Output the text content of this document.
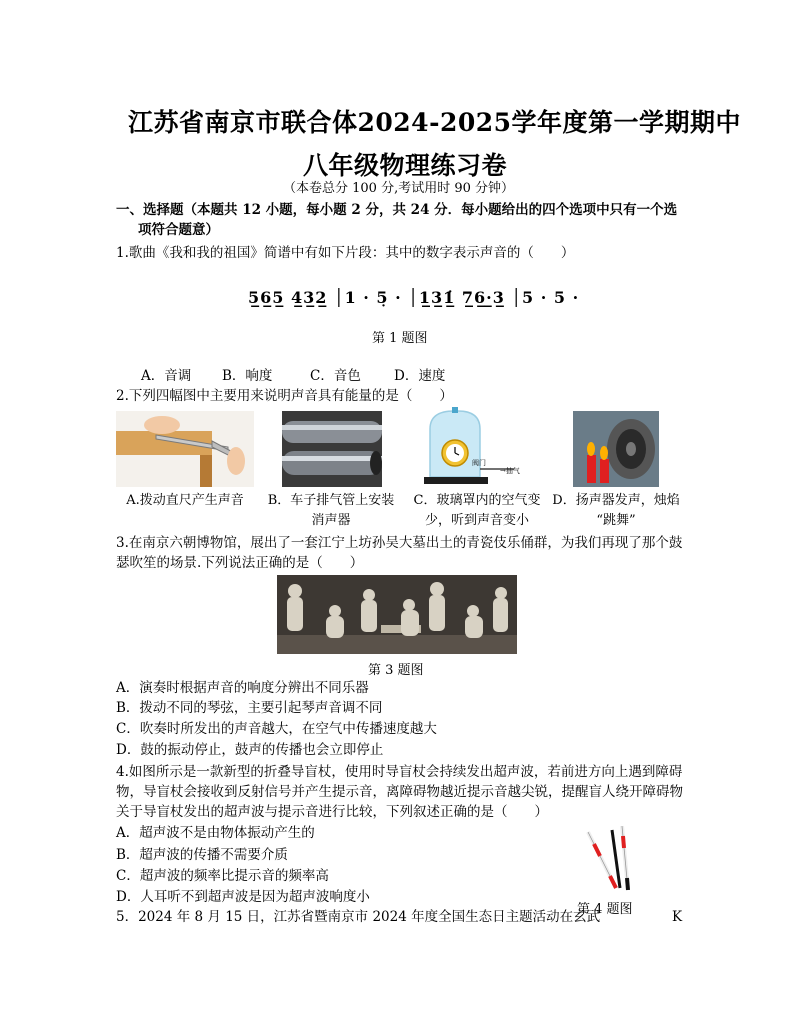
江苏省南京市联合体2024-2025学年度第一学期期中
八年级物理练习卷
（本卷总分 100 分,考试用时 90 分钟）
一、选择题（本题共 12 小题，每小题 2 分，共 24 分．每小题给出的四个选项中只有一个选
项符合题意）
1.歌曲《我和我的祖国》简谱中有如下片段：其中的数字表示声音的（　　）
5̲6̲5̲ 4̲3̲2̲ │1 · 5̣ · │1̲3̲1̲̇ 7̲6̲·̲3̲ │5 · 5 ·
第 1 题图
A．音调 B．响度	C．音色 D．速度
2.下列四幅图中主要用来说明声音具有能量的是（　　）
阀门
→抽气
A.拨动直尺产生声音	B．车子排气管上安装
消声器
C．玻璃罩内的空气变
少，听到声音变小
D．扬声器发声，烛焰
“跳舞”
3.在南京六朝博物馆，展出了一套江宁上坊孙吴大墓出土的青瓷伎乐俑群，为我们再现了那个鼓
瑟吹笙的场景.下列说法正确的是（　　）
第 3 题图
A．演奏时根据声音的响度分辨出不同乐器
B．拨动不同的琴弦，主要引起琴声音调不同
C．吹奏时所发出的声音越大，在空气中传播速度越大
D．鼓的振动停止，鼓声的传播也会立即停止
4.如图所示是一款新型的折叠导盲杖，使用时导盲杖会持续发出超声波，若前进方向上遇到障碍
物，导盲杖会接收到反射信号并产生提示音，离障碍物越近提示音越尖锐，提醒盲人绕开障碍物
关于导盲杖发出的超声波与提示音进行比较，下列叙述正确的是（　　）
A．超声波不是由物体振动产生的
B．超声波的传播不需要介质
C．超声波的频率比提示音的频率高
D．人耳听不到超声波是因为超声波响度小
第 4 题图
5．2024 年 8 月 15 日，江苏省暨南京市 2024 年度全国生态日主题活动在玄武	K
